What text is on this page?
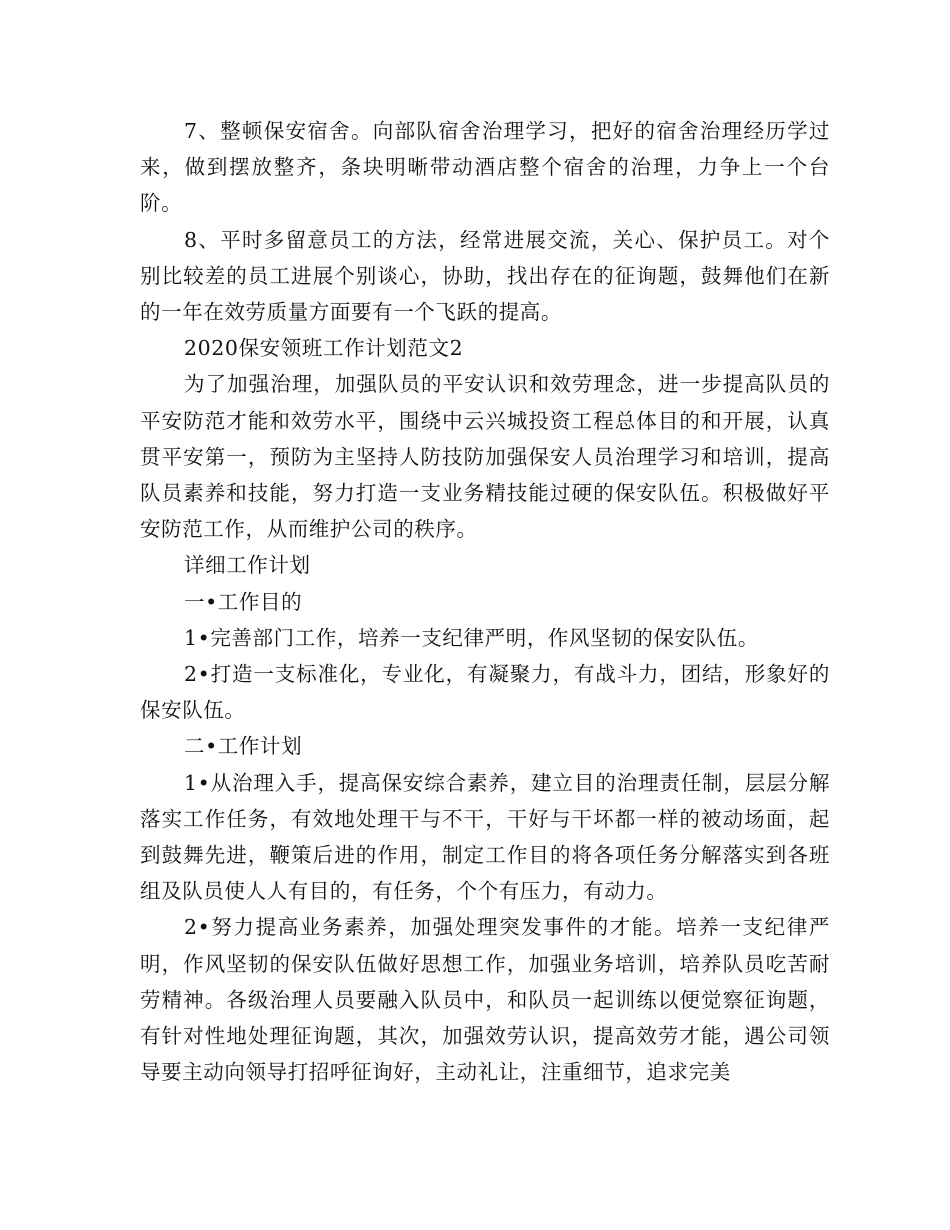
7、整顿保安宿舍。向部队宿舍治理学习，把好的宿舍治理经历学过来，做到摆放整齐，条块明晰带动酒店整个宿舍的治理，力争上一个台阶。

8、平时多留意员工的方法，经常进展交流，关心、保护员工。对个别比较差的员工进展个别谈心，协助，找出存在的征询题，鼓舞他们在新的一年在效劳质量方面要有一个飞跃的提高。

2020保安领班工作计划范文2

为了加强治理，加强队员的平安认识和效劳理念，进一步提高队员的平安防范才能和效劳水平，围绕中云兴城投资工程总体目的和开展，认真贯平安第一，预防为主坚持人防技防加强保安人员治理学习和培训，提高队员素养和技能，努力打造一支业务精技能过硬的保安队伍。积极做好平安防范工作，从而维护公司的秩序。

详细工作计划

一•工作目的

1•完善部门工作，培养一支纪律严明，作风坚韧的保安队伍。

2•打造一支标准化，专业化，有凝聚力，有战斗力，团结，形象好的保安队伍。

二•工作计划

1•从治理入手，提高保安综合素养，建立目的治理责任制，层层分解落实工作任务，有效地处理干与不干，干好与干坏都一样的被动场面，起到鼓舞先进，鞭策后进的作用，制定工作目的将各项任务分解落实到各班组及队员使人人有目的，有任务，个个有压力，有动力。

2•努力提高业务素养，加强处理突发事件的才能。培养一支纪律严明，作风坚韧的保安队伍做好思想工作，加强业务培训，培养队员吃苦耐劳精神。各级治理人员要融入队员中，和队员一起训练以便觉察征询题，有针对性地处理征询题，其次，加强效劳认识，提高效劳才能，遇公司领导要主动向领导打招呼征询好，主动礼让，注重细节，追求完美
